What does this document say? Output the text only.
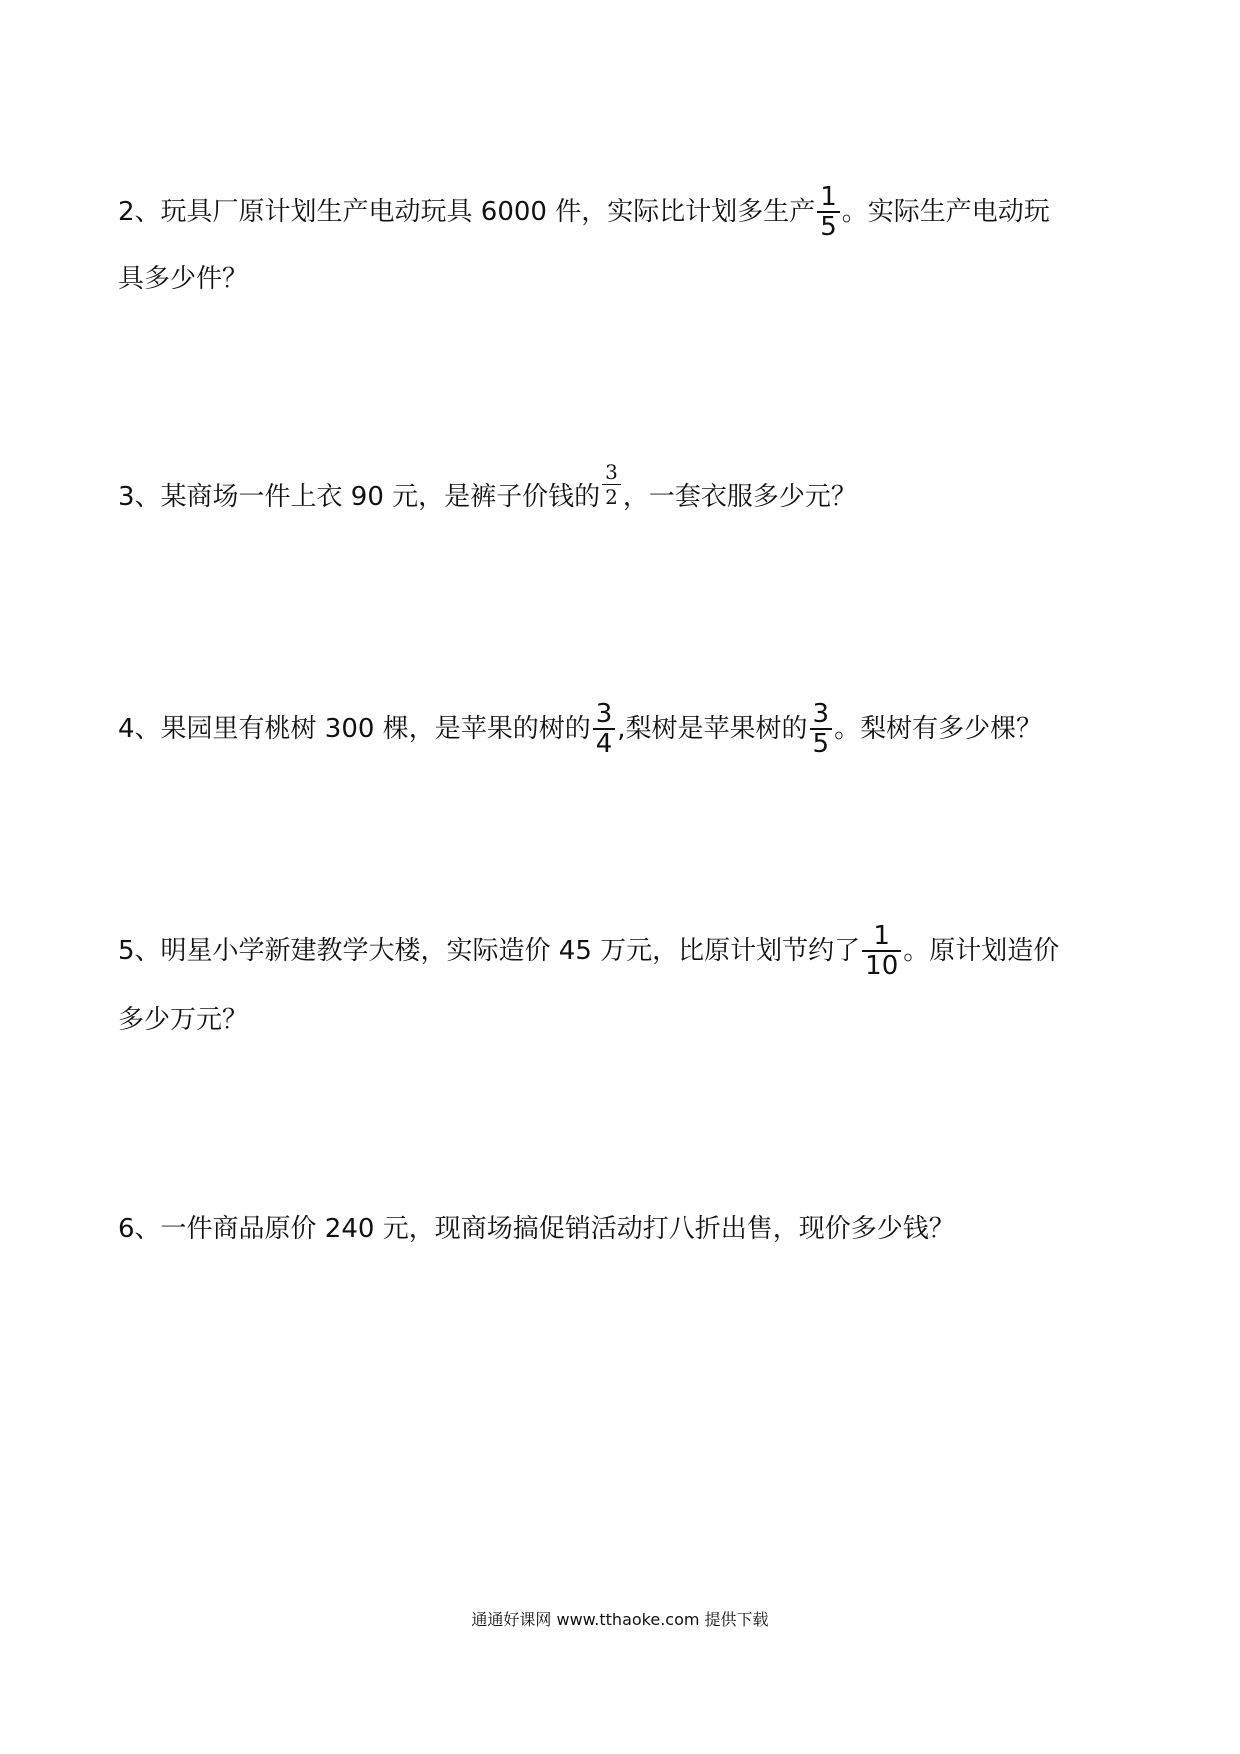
2、玩具厂原计划生产电动玩具 6000 件，实际比计划多生产 $\frac{1}{5}$ 。实际生产电动玩
具多少件？
3、某商场一件上衣 90 元，是裤子价钱的 $\frac{3}{2}$ ，一套衣服多少元？
4、果园里有桃树 300 棵，是苹果的树的 $\frac{3}{4}$ ,梨树是苹果树的 $\frac{3}{5}$ 。梨树有多少棵？
5、明星小学新建教学大楼，实际造价 45 万元，比原计划节约了 $\frac{1}{10}$ 。原计划造价
多少万元？
6、一件商品原价 240 元，现商场搞促销活动打八折出售，现价多少钱？
通通好课网 www.tthaoke.com 提供下载
